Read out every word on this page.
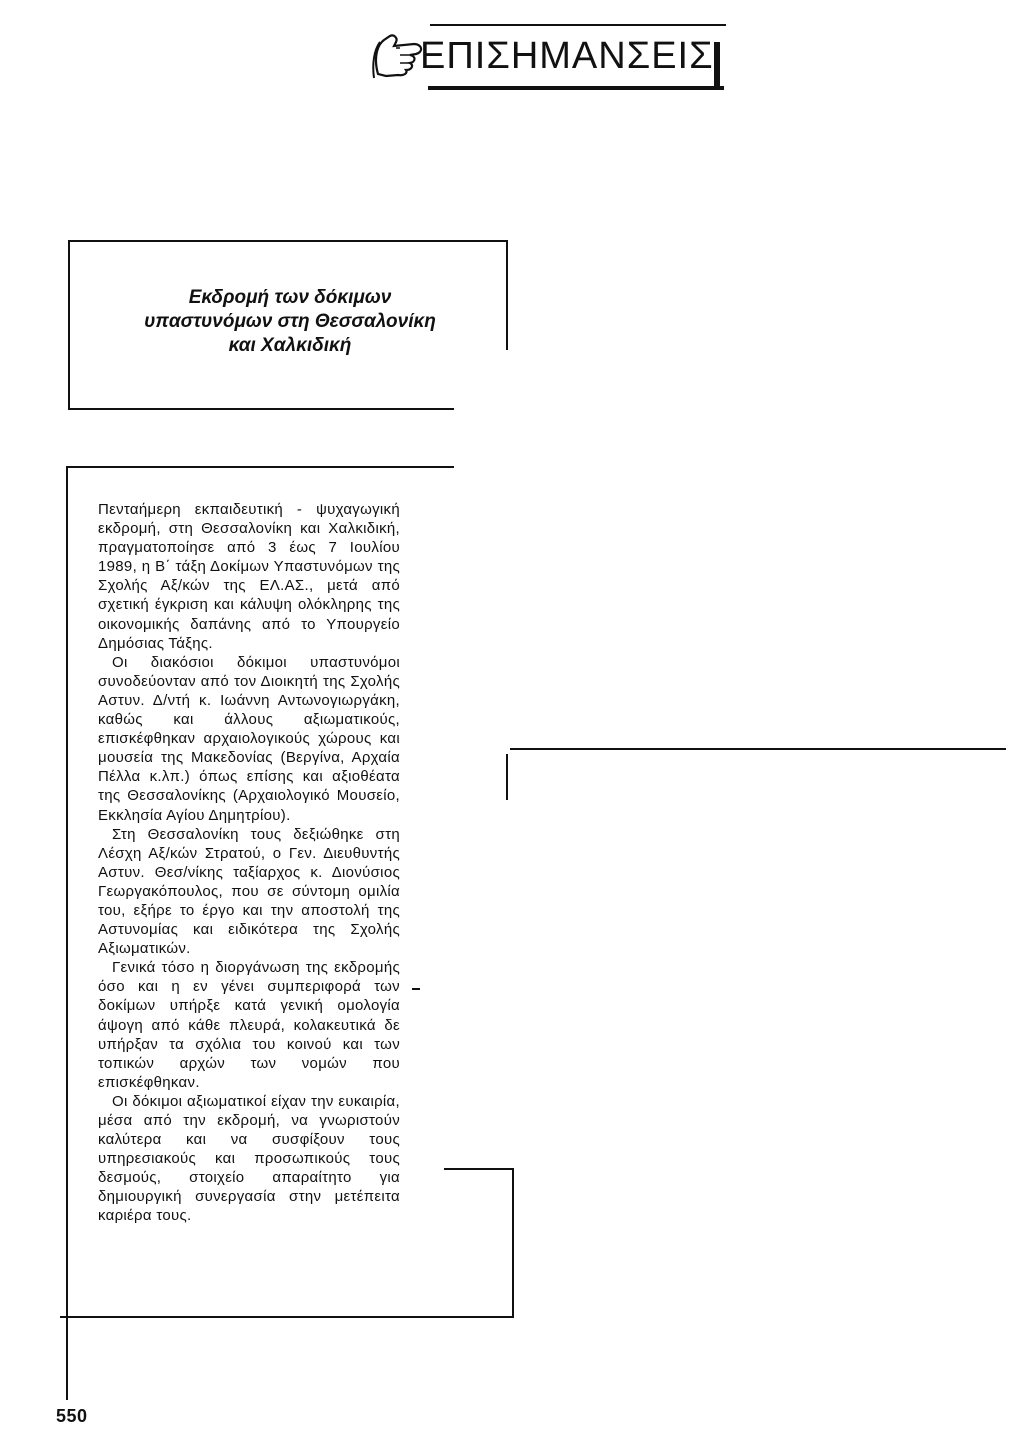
ΕΠΙΣΗΜΑΝΣΕΙΣ
Εκδρομή των δόκιμων
υπαστυνόμων στη Θεσσαλονίκη
και Χαλκιδική

Πενταήμερη εκπαιδευτική - ψυχαγωγική εκδρομή, στη Θεσσαλονίκη και Χαλκιδική, πραγματοποίησε από 3 έως 7 Ιουλίου 1989, η Β΄ τάξη Δοκίμων Υπαστυνόμων της Σχολής Αξ/κών της ΕΛ.ΑΣ., μετά από σχετική έγκριση και κάλυψη ολόκληρης της οικονομικής δαπάνης από το Υπουργείο Δημόσιας Τάξης.

Οι διακόσιοι δόκιμοι υπαστυνόμοι συνοδεύονταν από τον Διοικητή της Σχολής Αστυν. Δ/ντή κ. Ιωάννη Αντωνογιωργάκη, καθώς και άλλους αξιωματικούς, επισκέφθηκαν αρχαιολογικούς χώρους και μουσεία της Μακεδονίας (Βεργίνα, Αρχαία Πέλλα κ.λπ.) όπως επίσης και αξιοθέατα της Θεσσαλονίκης (Αρχαιολογικό Μουσείο, Εκκλησία Αγίου Δημητρίου).

Στη Θεσσαλονίκη τους δεξιώθηκε στη Λέσχη Αξ/κών Στρατού, ο Γεν. Διευθυντής Αστυν. Θεσ/νίκης ταξίαρχος κ. Διονύσιος Γεωργακόπουλος, που σε σύντομη ομιλία του, εξήρε το έργο και την αποστολή της Αστυνομίας και ειδικότερα της Σχολής Αξιωματικών.

Γενικά τόσο η διοργάνωση της εκδρομής όσο και η εν γένει συμπεριφορά των δοκίμων υπήρξε κατά γενική ομολογία άψογη από κάθε πλευρά, κολακευτικά δε υπήρξαν τα σχόλια του κοινού και των τοπικών αρχών των νομών που επισκέφθηκαν.

Οι δόκιμοι αξιωματικοί είχαν την ευκαιρία, μέσα από την εκδρομή, να γνωριστούν καλύτερα και να συσφίξουν τους υπηρεσιακούς και προσωπικούς τους δεσμούς, στοιχείο απαραίτητο για δημιουργική συνεργασία στην μετέπειτα καριέρα τους.

550
